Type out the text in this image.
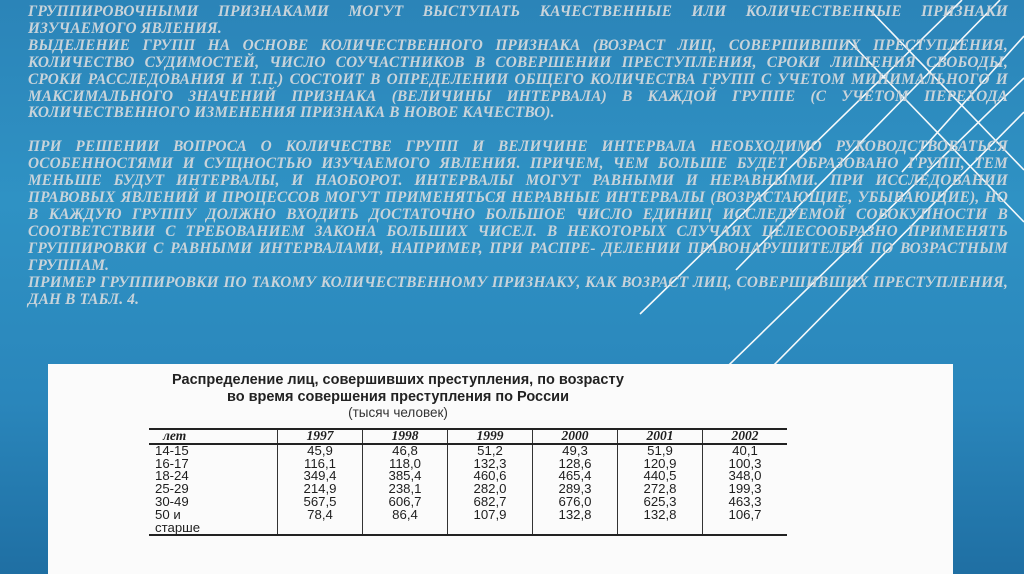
ГРУППИРОВОЧНЫМИ ПРИЗНАКАМИ МОГУТ ВЫСТУПАТЬ КАЧЕСТВЕННЫЕ ИЛИ КОЛИЧЕСТВЕННЫЕ ПРИЗНАКИ ИЗУЧАЕМОГО ЯВЛЕНИЯ.

ВЫДЕЛЕНИЕ ГРУПП НА ОСНОВЕ КОЛИЧЕСТВЕННОГО ПРИЗНАКА (ВОЗРАСТ ЛИЦ, СОВЕРШИВШИХ ПРЕСТУПЛЕНИЯ, КОЛИЧЕСТВО СУДИМОСТЕЙ, ЧИСЛО СОУЧАСТНИКОВ В СОВЕРШЕНИИ ПРЕСТУПЛЕНИЯ, СРОКИ ЛИШЕНИЯ СВОБОДЫ, СРОКИ РАССЛЕДОВАНИЯ И Т.П.) СОСТОИТ В ОПРЕДЕЛЕНИИ ОБЩЕГО КОЛИЧЕСТВА ГРУПП С УЧЕТОМ МИНИМАЛЬНОГО И МАКСИМАЛЬНОГО ЗНАЧЕНИЙ ПРИЗНАКА (ВЕЛИЧИНЫ ИНТЕРВАЛА) В КАЖДОЙ ГРУППЕ (С УЧЕТОМ ПЕРЕХОДА КОЛИЧЕСТВЕННОГО ИЗМЕНЕНИЯ ПРИЗНАКА В НОВОЕ КАЧЕСТВО).

ПРИ РЕШЕНИИ ВОПРОСА О КОЛИЧЕСТВЕ ГРУПП И ВЕЛИЧИНЕ ИНТЕРВАЛА НЕОБХОДИМО РУКОВОДСТВОВАТЬСЯ ОСОБЕННОСТЯМИ И СУЩНОСТЬЮ ИЗУЧАЕМОГО ЯВЛЕНИЯ. ПРИЧЕМ, ЧЕМ БОЛЬШЕ БУДЕТ ОБРАЗОВАНО ГРУПП, ТЕМ МЕНЬШЕ БУДУТ ИНТЕРВАЛЫ, И НАОБОРОТ. ИНТЕРВАЛЫ МОГУТ РАВНЫМИ И НЕРАВНЫМИ. ПРИ ИССЛЕДОВАНИИ ПРАВОВЫХ ЯВЛЕНИЙ И ПРОЦЕССОВ МОГУТ ПРИМЕНЯТЬСЯ НЕРАВНЫЕ ИНТЕРВАЛЫ (ВОЗРАСТАЮЩИЕ, УБЫВАЮЩИЕ), НО В КАЖДУЮ ГРУППУ ДОЛЖНО ВХОДИТЬ ДОСТАТОЧНО БОЛЬШОЕ ЧИСЛО ЕДИНИЦ ИССЛЕДУЕМОЙ СОВОКУПНОСТИ В СООТВЕТСТВИИ С ТРЕБОВАНИЕМ ЗАКОНА БОЛЬШИХ ЧИСЕЛ. В НЕКОТОРЫХ СЛУЧАЯХ ЦЕЛЕСООБРАЗНО ПРИМЕНЯТЬ ГРУППИРОВКИ С РАВНЫМИ ИНТЕРВАЛАМИ, НАПРИМЕР, ПРИ РАСПРЕ- ДЕЛЕНИИ ПРАВОНАРУШИТЕЛЕЙ ПО ВОЗРАСТНЫМ ГРУППАМ.

ПРИМЕР ГРУППИРОВКИ ПО ТАКОМУ КОЛИЧЕСТВЕННОМУ ПРИЗНАКУ, КАК ВОЗРАСТ ЛИЦ, СОВЕРШИВШИХ ПРЕСТУПЛЕНИЯ, ДАН В ТАБЛ. 4.

Распределение лиц, совершивших преступления, по возрасту
во время совершения преступления по России
(тысяч человек)
лет	1997	1998	1999	2000	2001	2002
14-15	45,9	46,8	51,2	49,3	51,9	40,1
16-17	116,1	118,0	132,3	128,6	120,9	100,3
18-24	349,4	385,4	460,6	465,4	440,5	348,0
25-29	214,9	238,1	282,0	289,3	272,8	199,3
30-49	567,5	606,7	682,7	676,0	625,3	463,3
50 и	78,4	86,4	107,9	132,8	132,8	106,7
старше						
